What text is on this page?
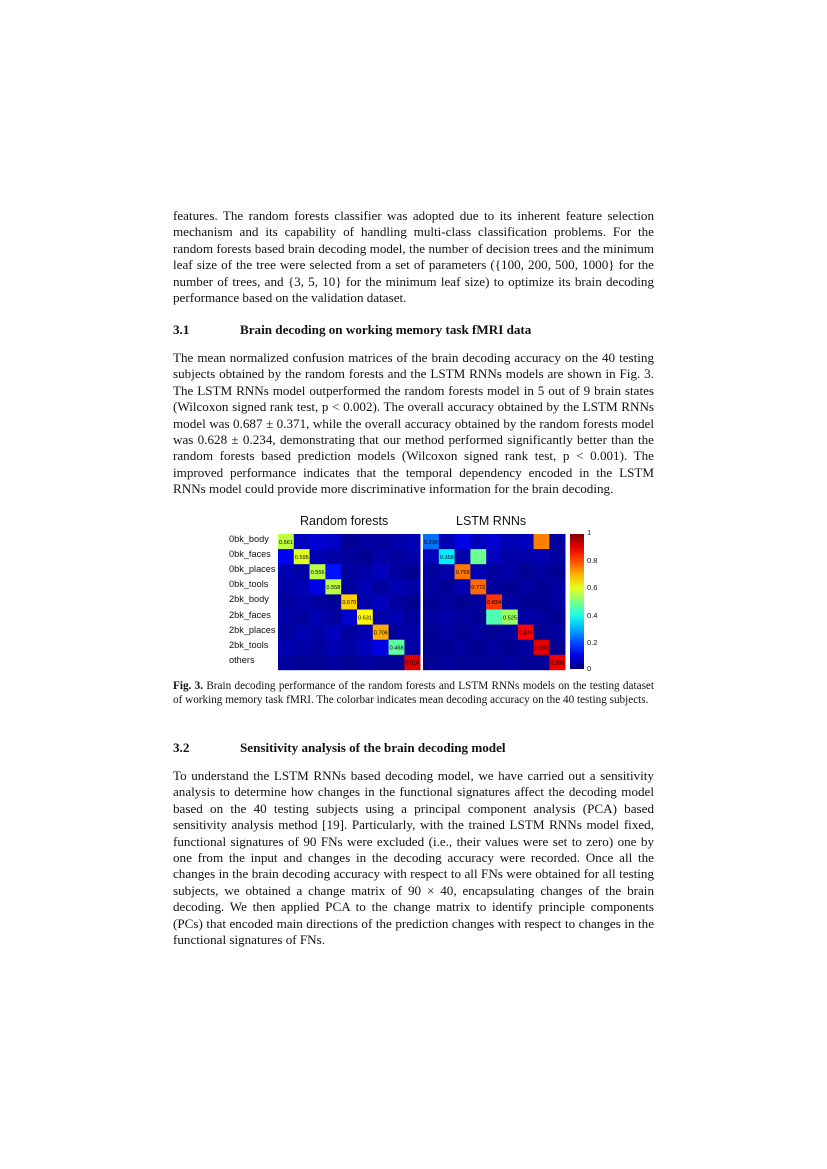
features. The random forests classifier was adopted due to its inherent feature selection mechanism and its capability of handling multi-class classification problems. For the random forests based brain decoding model, the number of decision trees and the minimum leaf size of the tree were selected from a set of parameters ({100, 200, 500, 1000} for the number of trees, and {3, 5, 10} for the minimum leaf size) to optimize its brain decoding performance based on the validation dataset.

3.1	Brain decoding on working memory task fMRI data

The mean normalized confusion matrices of the brain decoding accuracy on the 40 testing subjects obtained by the random forests and the LSTM RNNs models are shown in Fig. 3. The LSTM RNNs model outperformed the random forests model in 5 out of 9 brain states (Wilcoxon signed rank test, p < 0.002). The overall accuracy obtained by the LSTM RNNs model was 0.687 ± 0.371, while the overall accuracy obtained by the random forests model was 0.628 ± 0.234, demonstrating that our method performed significantly better than the random forests based prediction models (Wilcoxon signed rank test, p < 0.001). The improved performance indicates that the temporal dependency encoded in the LSTM RNNs model could provide more discriminative information for the brain decoding.

Random forests	LSTM RNNs
0bk_body
0bk_faces
0bk_places
0bk_tools
2bk_body
2bk_faces
2bk_places
2bk_tools
others
0.561
0.595
0.556
0.558
0.670
0.631
0.706
0.468
0.910
0.236
0.358
0.759
0.772
0.824
0.525
0.874
0.901
0.888
1
0.8
0.6
0.4
0.2
0
Fig. 3. Brain decoding performance of the random forests and LSTM RNNs models on the testing dataset of working memory task fMRI. The colorbar indicates mean decoding accuracy on the 40 testing subjects.
3.2	Sensitivity analysis of the brain decoding model

To understand the LSTM RNNs based decoding model, we have carried out a sensitivity analysis to determine how changes in the functional signatures affect the decoding model based on the 40 testing subjects using a principal component analysis (PCA) based sensitivity analysis method [19]. Particularly, with the trained LSTM RNNs model fixed, functional signatures of 90 FNs were excluded (i.e., their values were set to zero) one by one from the input and changes in the decoding accuracy were recorded. Once all the changes in the brain decoding accuracy with respect to all FNs were obtained for all testing subjects, we obtained a change matrix of 90 × 40, encapsulating changes of the brain decoding. We then applied PCA to the change matrix to identify principle components (PCs) that encoded main directions of the prediction changes with respect to changes in the functional signatures of FNs.
